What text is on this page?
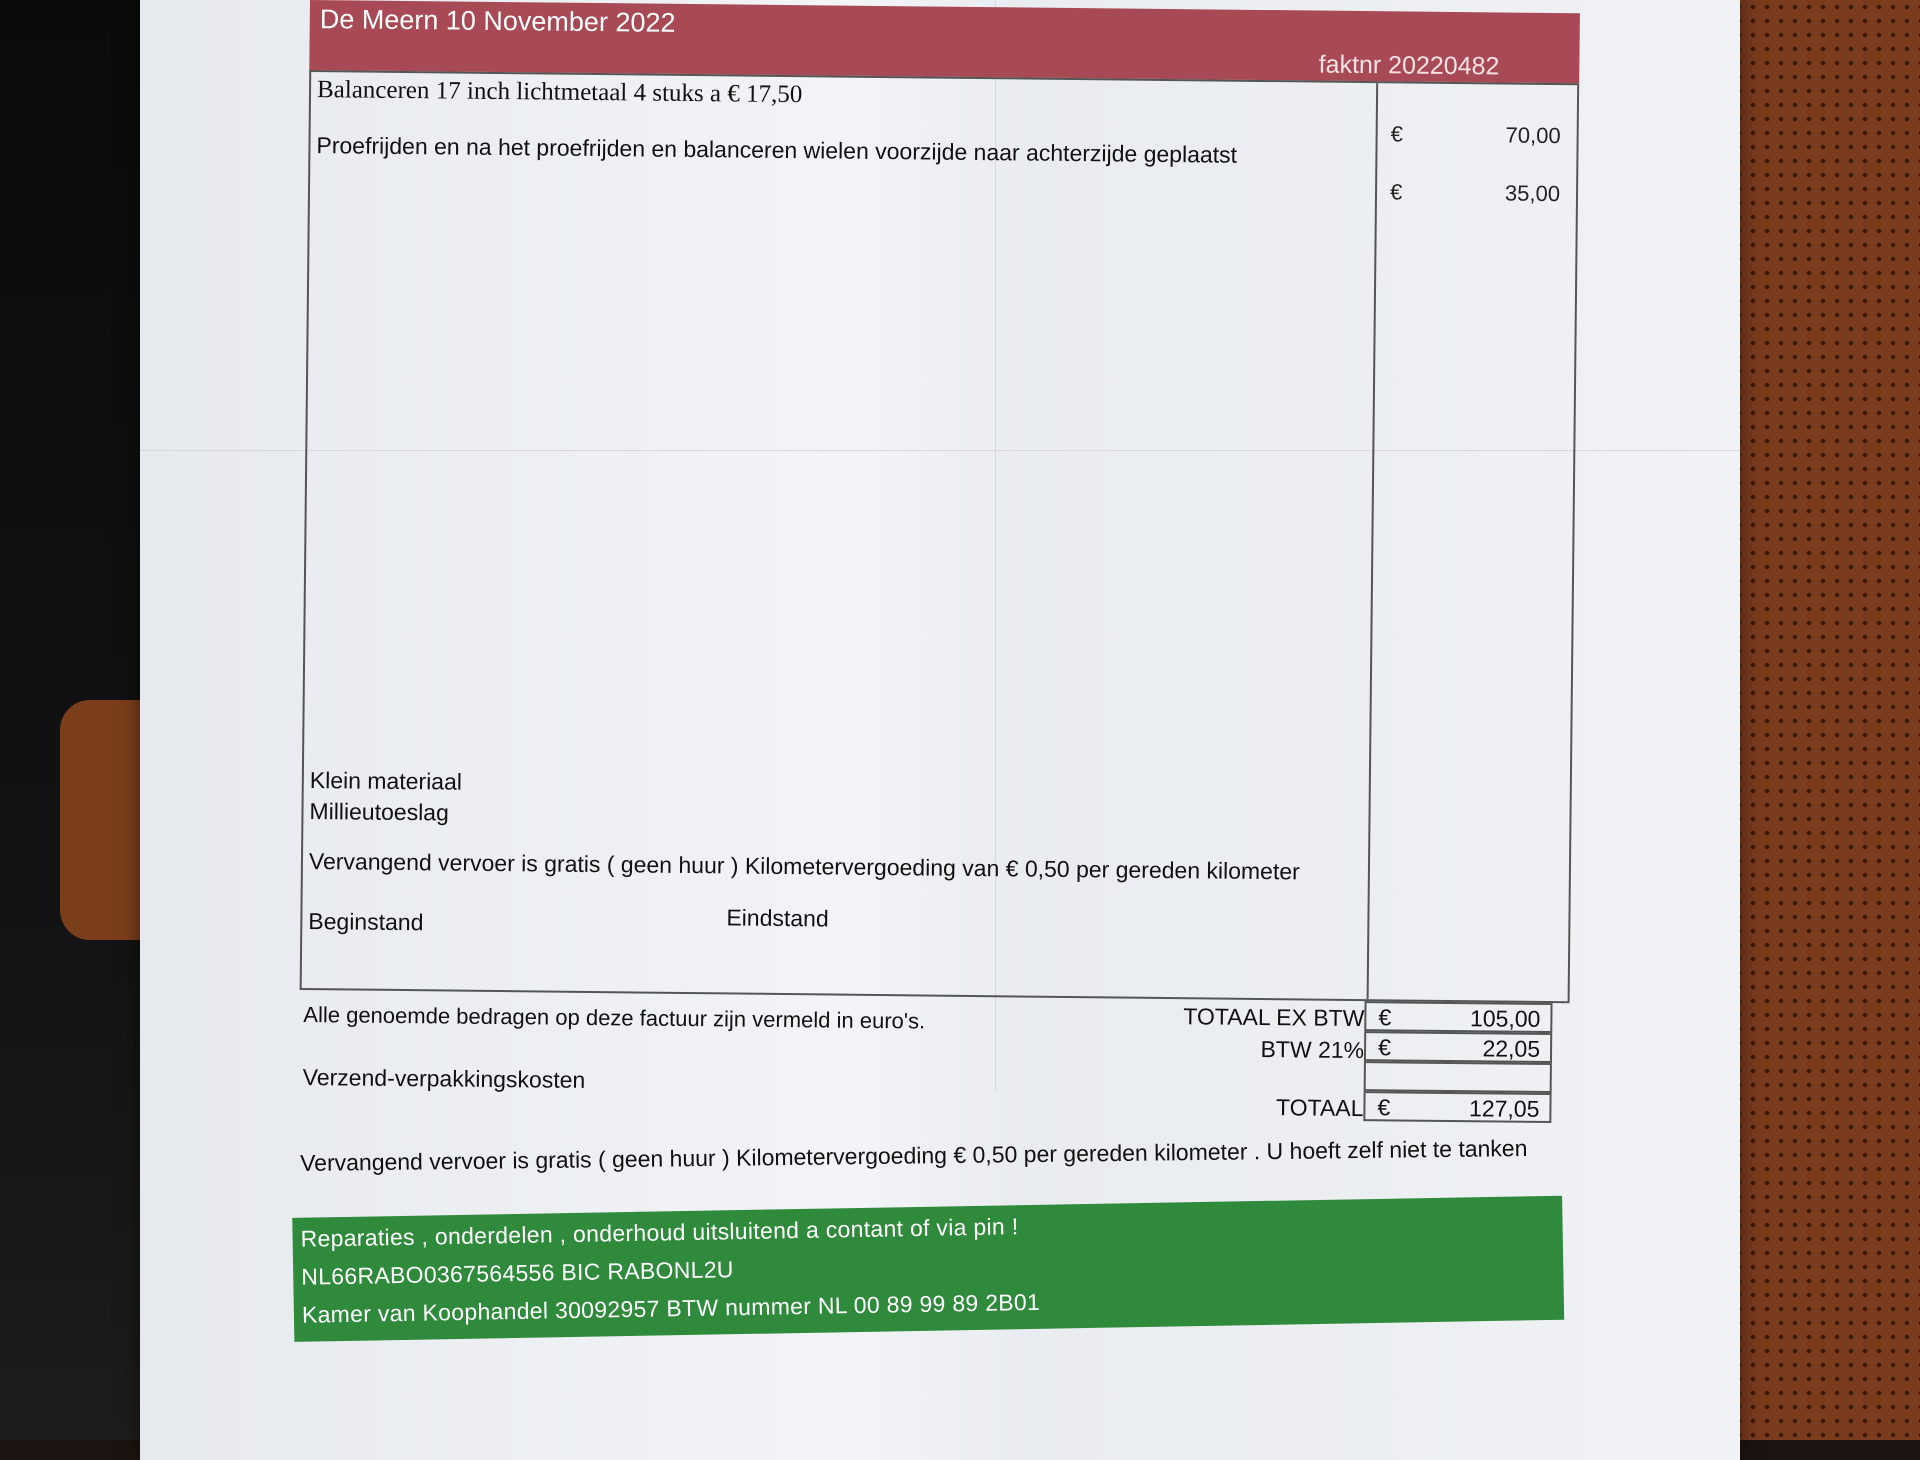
De Meern 10 November 2022
faktnr 20220482
Balanceren 17 inch lichtmetaal 4 stuks a € 17,50
€	70,00
Proefrijden en na het proefrijden en balanceren wielen voorzijde naar achterzijde geplaatst
€	35,00
Klein materiaal
Millieutoeslag
Vervangend vervoer is gratis ( geen huur ) Kilometervergoeding van € 0,50 per gereden kilometer
Beginstand	Eindstand
Alle genoemde bedragen op deze factuur zijn vermeld in euro's.
Verzend-verpakkingskosten
TOTAAL EX BTW €	105,00
BTW 21% €	22,05
TOTAAL €	127,05
Vervangend vervoer is gratis ( geen huur ) Kilometervergoeding € 0,50 per gereden kilometer . U hoeft zelf niet te tanken
Reparaties , onderdelen , onderhoud uitsluitend a contant of via pin !
NL66RABO0367564556 BIC RABONL2U
Kamer van Koophandel 30092957 BTW nummer NL 00 89 99 89 2B01
